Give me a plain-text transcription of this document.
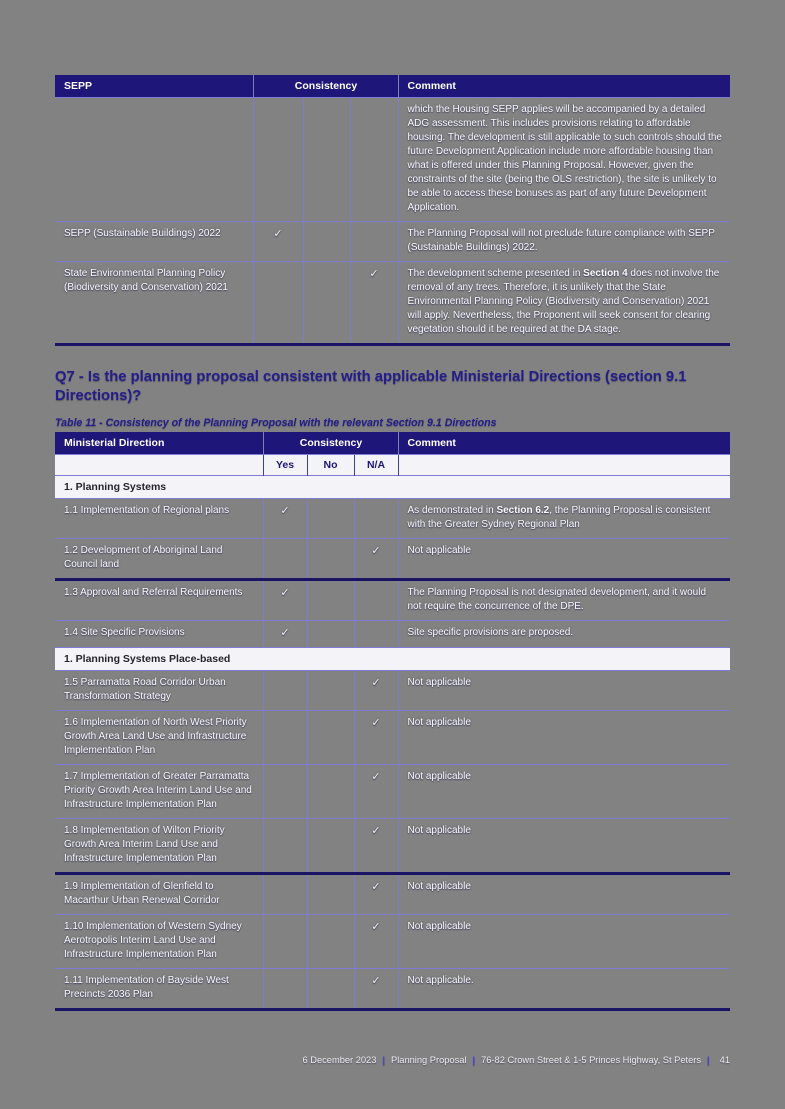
SEPP	Consistency			Comment
				which the Housing SEPP applies will be accompanied by a detailed ADG assessment. This includes provisions relating to affordable housing. The development is still applicable to such controls should the future Development Application include more affordable housing than what is offered under this Planning Proposal. However, given the constraints of the site (being the OLS restriction), the site is unlikely to be able to access these bonuses as part of any future Development Application.
SEPP (Sustainable Buildings) 2022	✓			The Planning Proposal will not preclude future compliance with SEPP (Sustainable Buildings) 2022.
State Environmental Planning Policy (Biodiversity and Conservation) 2021			✓	The development scheme presented in Section 4 does not involve the removal of any trees. Therefore, it is unlikely that the State Environmental Planning Policy (Biodiversity and Conservation) 2021 will apply. Nevertheless, the Proponent will seek consent for clearing vegetation should it be required at the DA stage.
Q7 - Is the planning proposal consistent with applicable Ministerial Directions (section 9.1 Directions)?

Table 11 - Consistency of the Planning Proposal with the relevant Section 9.1 Directions

Ministerial Direction	Consistency			Comment
	Yes	No	N/A	
1. Planning Systems				
1.1 Implementation of Regional plans	✓			As demonstrated in Section 6.2, the Planning Proposal is consistent with the Greater Sydney Regional Plan
1.2 Development of Aboriginal Land Council land			✓	Not applicable
1.3 Approval and Referral Requirements	✓			The Planning Proposal is not designated development, and it would not require the concurrence of the DPE.
1.4 Site Specific Provisions	✓			Site specific provisions are proposed.
1. Planning Systems Place-based				
1.5 Parramatta Road Corridor Urban Transformation Strategy			✓	Not applicable
1.6 Implementation of North West Priority Growth Area Land Use and Infrastructure Implementation Plan			✓	Not applicable
1.7 Implementation of Greater Parramatta Priority Growth Area Interim Land Use and Infrastructure Implementation Plan			✓	Not applicable
1.8 Implementation of Wilton Priority Growth Area Interim Land Use and Infrastructure Implementation Plan			✓	Not applicable
1.9 Implementation of Glenfield to Macarthur Urban Renewal Corridor			✓	Not applicable
1.10 Implementation of Western Sydney Aerotropolis Interim Land Use and Infrastructure Implementation Plan			✓	Not applicable
1.11 Implementation of Bayside West Precincts 2036 Plan			✓	Not applicable.
6 December 2023 | Planning Proposal | 76-82 Crown Street & 1-5 Princes Highway, St Peters | 41
